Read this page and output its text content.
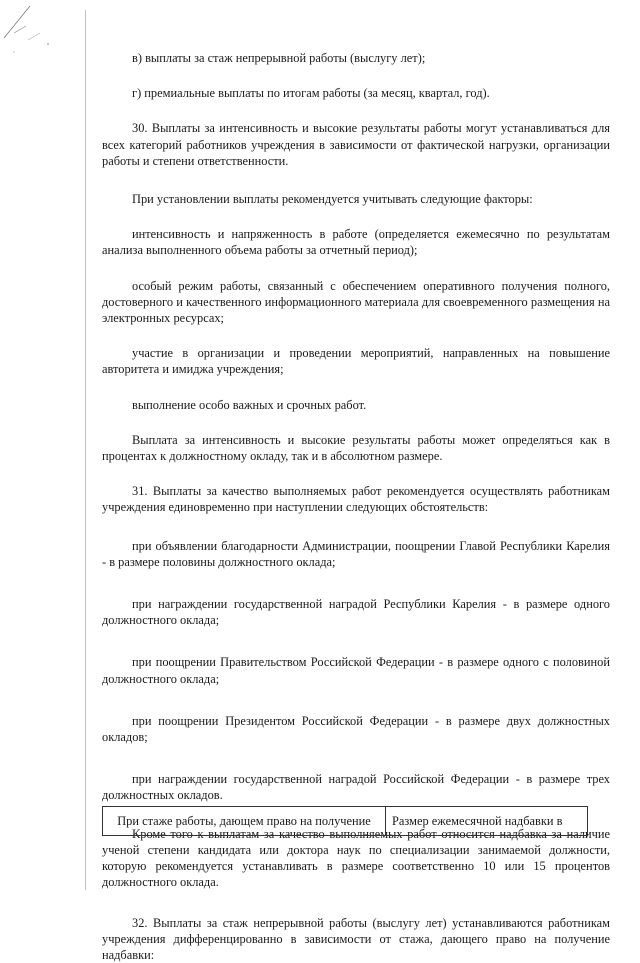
в) выплаты за стаж непрерывной работы (выслугу лет);

г) премиальные выплаты по итогам работы (за месяц, квартал, год).

30. Выплаты за интенсивность и высокие результаты работы могут устанавливаться для всех категорий работников учреждения в зависимости от фактической нагрузки, организации работы и степени ответственности.

При установлении выплаты рекомендуется учитывать следующие факторы:

интенсивность и напряженность в работе (определяется ежемесячно по результатам анализа выполненного объема работы за отчетный период);

особый режим работы, связанный с обеспечением оперативного получения полного, достоверного и качественного информационного материала для своевременного размещения на электронных ресурсах;

участие в организации и проведении мероприятий, направленных на повышение авторитета и имиджа учреждения;

выполнение особо важных и срочных работ.

Выплата за интенсивность и высокие результаты работы может определяться как в процентах к должностному окладу, так и в абсолютном размере.

31. Выплаты за качество выполняемых работ рекомендуется осуществлять работникам учреждения единовременно при наступлении следующих обстоятельств:

при объявлении благодарности Администрации, поощрении Главой Республики Карелия - в размере половины должностного оклада;

при награждении государственной наградой Республики Карелия - в размере одного должностного оклада;

при поощрении Правительством Российской Федерации - в размере одного с половиной должностного оклада;

при поощрении Президентом Российской Федерации - в размере двух должностных окладов;

при награждении государственной наградой Российской Федерации - в размере трех должностных окладов.

Кроме того к выплатам за качество выполняемых работ относится надбавка за наличие ученой степени кандидата или доктора наук по специализации занимаемой должности, которую рекомендуется устанавливать в размере соответственно 10 или 15 процентов должностного оклада.

32. Выплаты за стаж непрерывной работы (выслугу лет) устанавливаются работникам учреждения дифференцированно в зависимости от стажа, дающего право на получение надбавки:

При стаже работы, дающем право на получение	Размер ежемесячной надбавки в
